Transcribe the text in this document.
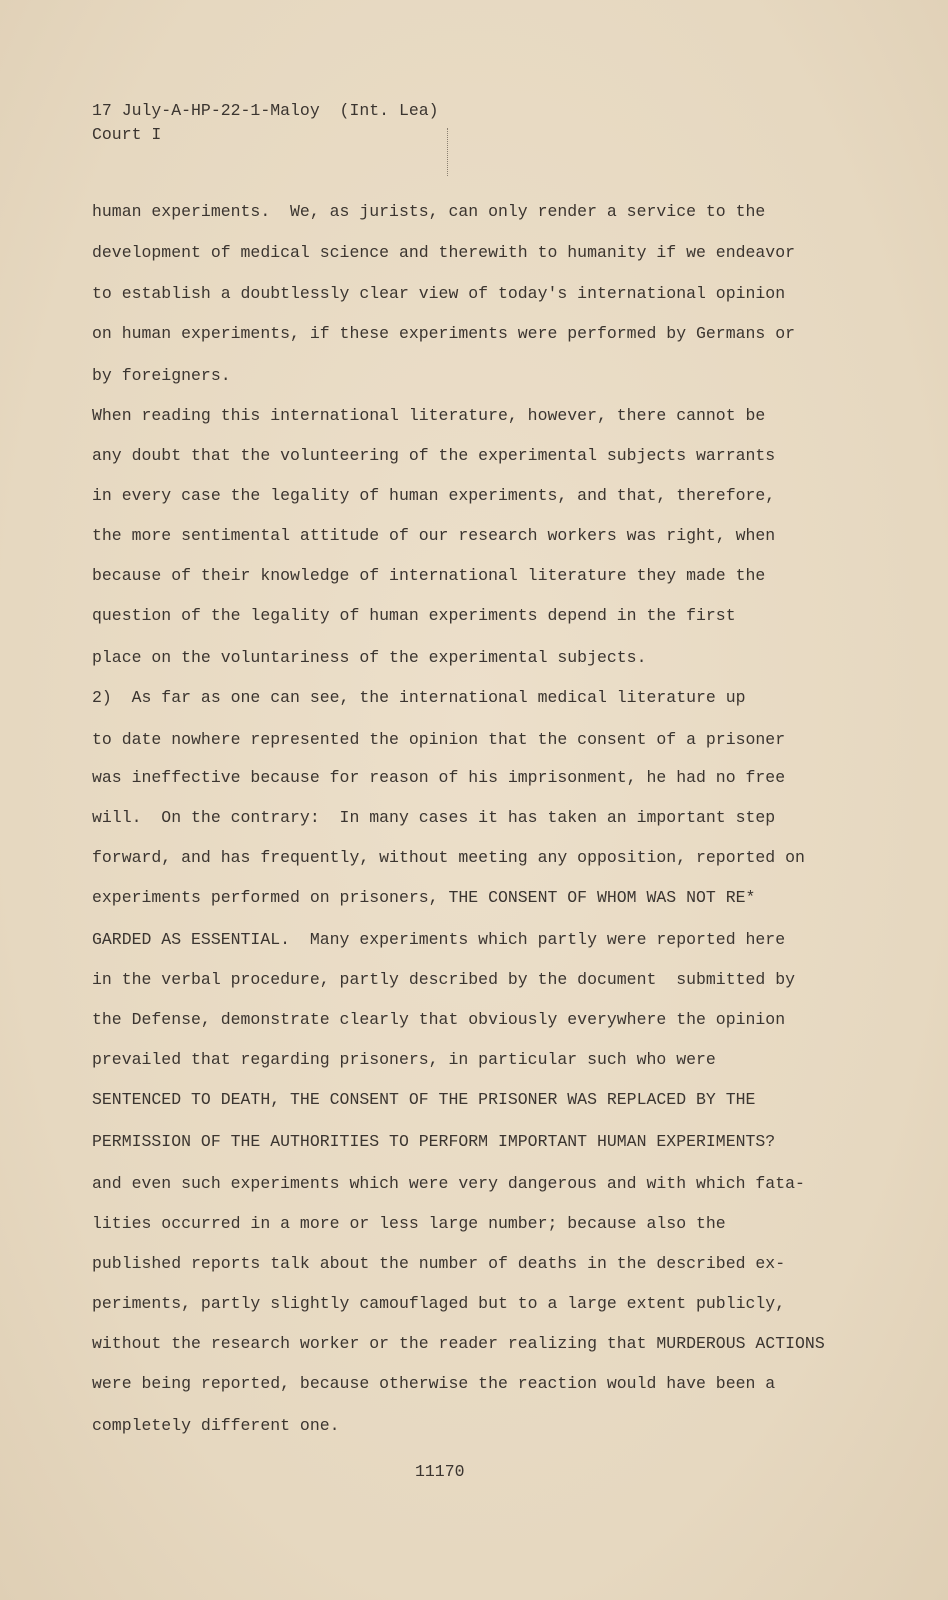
17 July-A-HP-22-1-Maloy  (Int. Lea)
Court I
human experiments.  We, as jurists, can only render a service to the
development of medical science and therewith to humanity if we endeavor
to establish a doubtlessly clear view of today's international opinion
on human experiments, if these experiments were performed by Germans or
by foreigners.
When reading this international literature, however, there cannot be
any doubt that the volunteering of the experimental subjects warrants
in every case the legality of human experiments, and that, therefore,
the more sentimental attitude of our research workers was right, when
because of their knowledge of international literature they made the
question of the legality of human experiments depend in the first
place on the voluntariness of the experimental subjects.
2)  As far as one can see, the international medical literature up
to date nowhere represented the opinion that the consent of a prisoner
was ineffective because for reason of his imprisonment, he had no free
will.  On the contrary:  In many cases it has taken an important step
forward, and has frequently, without meeting any opposition, reported on
experiments performed on prisoners, THE CONSENT OF WHOM WAS NOT RE*
GARDED AS ESSENTIAL.  Many experiments which partly were reported here
in the verbal procedure, partly described by the document  submitted by
the Defense, demonstrate clearly that obviously everywhere the opinion
prevailed that regarding prisoners, in particular such who were
SENTENCED TO DEATH, THE CONSENT OF THE PRISONER WAS REPLACED BY THE
PERMISSION OF THE AUTHORITIES TO PERFORM IMPORTANT HUMAN EXPERIMENTS?
and even such experiments which were very dangerous and with which fata-
lities occurred in a more or less large number; because also the
published reports talk about the number of deaths in the described ex-
periments, partly slightly camouflaged but to a large extent publicly,
without the research worker or the reader realizing that MURDEROUS ACTIONS
were being reported, because otherwise the reaction would have been a
completely different one.
11170
